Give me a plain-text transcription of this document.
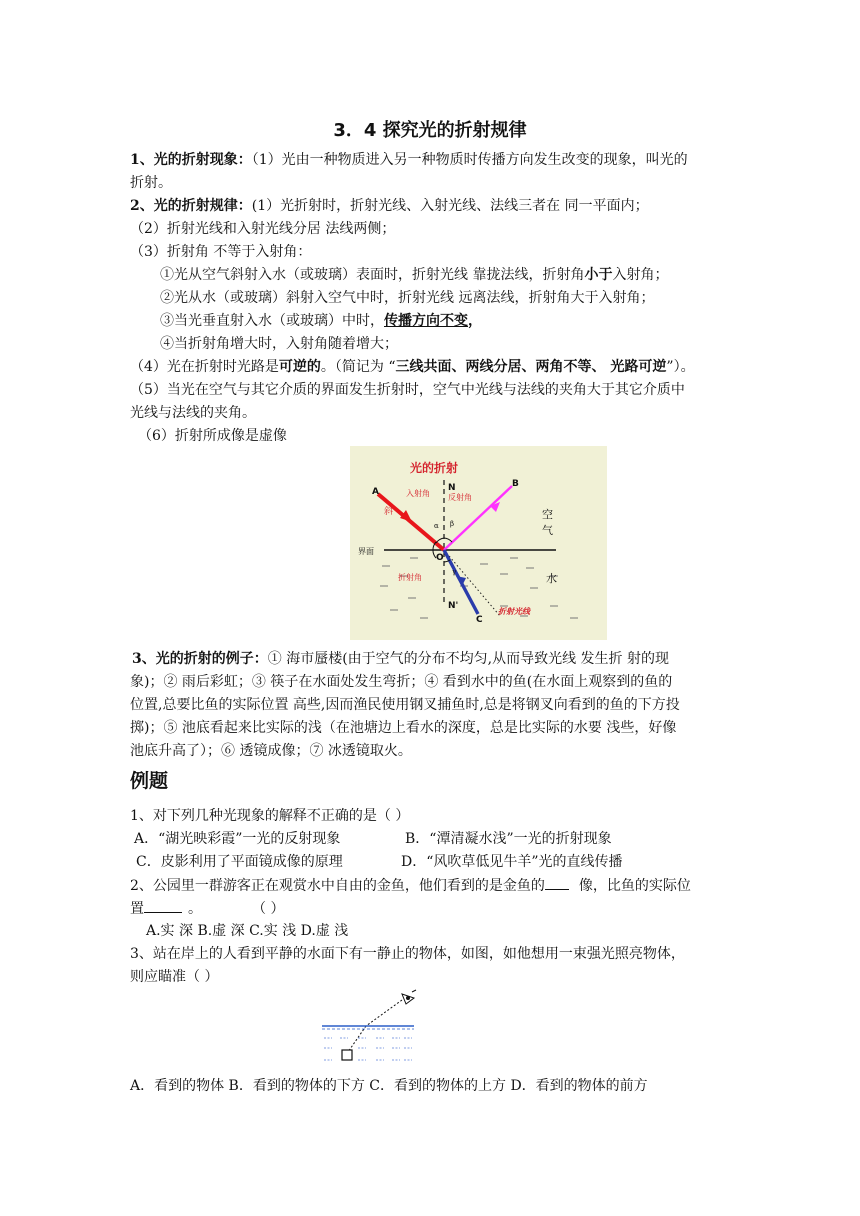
3．4 探究光的折射规律
1、光的折射现象：（1）光由一种物质进入另一种物质时传播方向发生改变的现象，叫光的
折射。
2、光的折射规律：(1）光折射时，折射光线、入射光线、法线三者在 同一平面内；
（2）折射光线和入射光线分居 法线两侧；
（3）折射角 不等于入射角：
①光从空气斜射入水（或玻璃）表面时，折射光线 靠拢法线，折射角小于入射角；
②光从水（或玻璃）斜射入空气中时，折射光线 远离法线，折射角大于入射角；
③当光垂直射入水（或玻璃）中时，传播方向不变，
④当折射角增大时，入射角随着增大；
（4）光在折射时光路是可逆的。（简记为 “三线共面、两线分居、两角不等、 光路可逆”）。
（5）当光在空气与其它介质的界面发生折射时，空气中光线与法线的夹角大于其它介质中
光线与法线的夹角。
（6）折射所成像是虚像
光的折射
A
B
C
N
N'
O
入射角 反射角
斜
界面
折射角
折射光线
空
气
水
α β
γ
3、光的折射的例子：① 海市蜃楼(由于空气的分布不均匀,从而导致光线 发生折 射的现
象)；② 雨后彩虹；③ 筷子在水面处发生弯折；④ 看到水中的鱼(在水面上观察到的鱼的
位置,总要比鱼的实际位置 高些,因而渔民使用钢叉捕鱼时,总是将钢叉向看到的鱼的下方投
掷)；⑤ 池底看起来比实际的浅（在池塘边上看水的深度，总是比实际的水要 浅些，好像
池底升高了）；⑥ 透镜成像；⑦ 冰透镜取火。
例题
1、对下列几种光现象的解释不正确的是（ ）
A．“湖光映彩霞”一光的反射现象	B．“潭清凝水浅”一光的折射现象
C．皮影利用了平面镜成像的原理	D．“风吹草低见牛羊”光的直线传播
2、公园里一群游客正在观赏水中自由的金鱼，他们看到的是金鱼的 像，比鱼的实际位
置	。	（ ）
A.实 深 B.虚 深 C.实 浅 D.虚 浅
3、站在岸上的人看到平静的水面下有一静止的物体，如图，如他想用一束强光照亮物体，
则应瞄准（ ）
A．看到的物体 B．看到的物体的下方 C．看到的物体的上方 D．看到的物体的前方
